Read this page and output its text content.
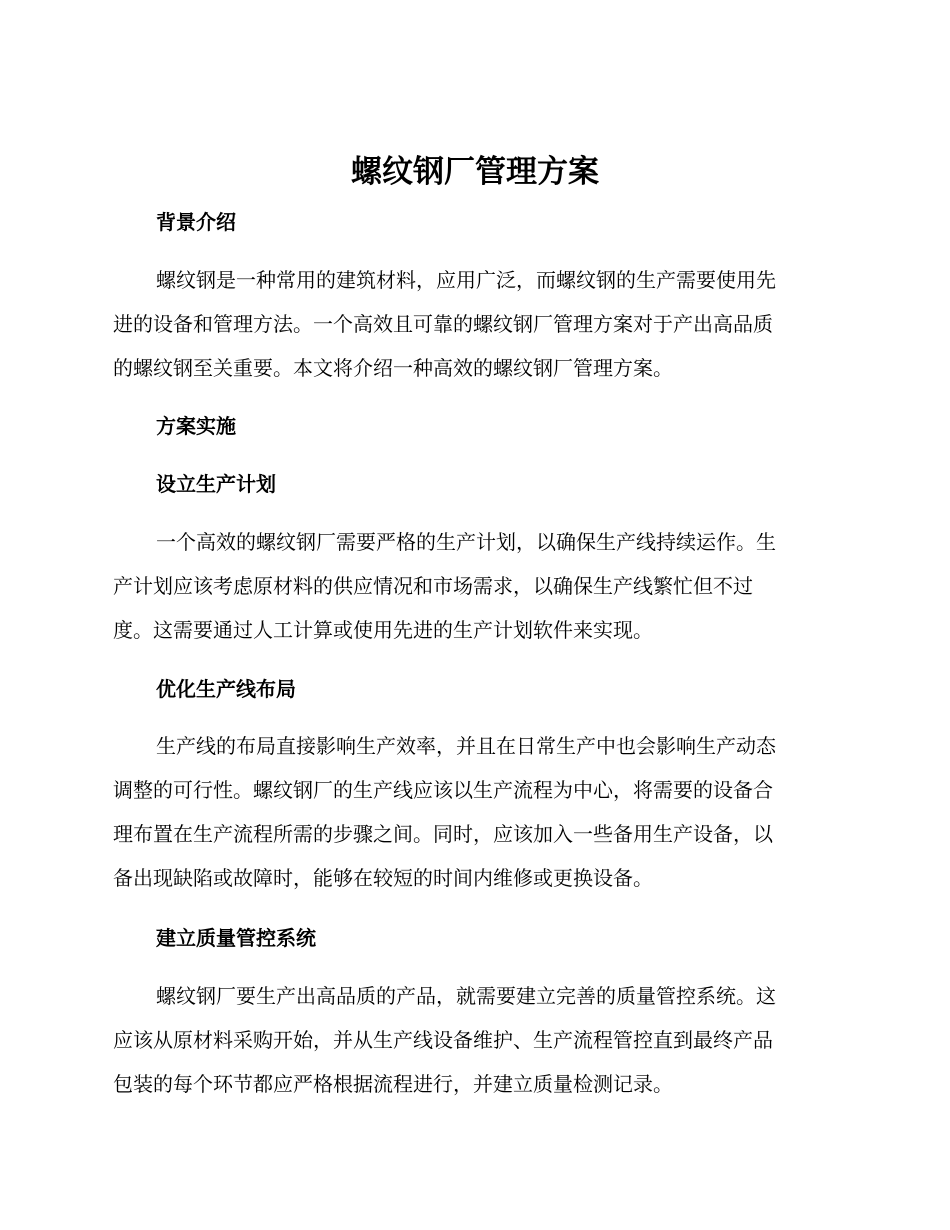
螺纹钢厂管理方案
背景介绍
螺纹钢是一种常用的建筑材料，应用广泛，而螺纹钢的生产需要使用先
进的设备和管理方法。一个高效且可靠的螺纹钢厂管理方案对于产出高品质
的螺纹钢至关重要。本文将介绍一种高效的螺纹钢厂管理方案。
方案实施
设立生产计划
一个高效的螺纹钢厂需要严格的生产计划，以确保生产线持续运作。生
产计划应该考虑原材料的供应情况和市场需求，以确保生产线繁忙但不过
度。这需要通过人工计算或使用先进的生产计划软件来实现。
优化生产线布局
生产线的布局直接影响生产效率，并且在日常生产中也会影响生产动态
调整的可行性。螺纹钢厂的生产线应该以生产流程为中心，将需要的设备合
理布置在生产流程所需的步骤之间。同时，应该加入一些备用生产设备，以
备出现缺陷或故障时，能够在较短的时间内维修或更换设备。
建立质量管控系统
螺纹钢厂要生产出高品质的产品，就需要建立完善的质量管控系统。这
应该从原材料采购开始，并从生产线设备维护、生产流程管控直到最终产品
包装的每个环节都应严格根据流程进行，并建立质量检测记录。
